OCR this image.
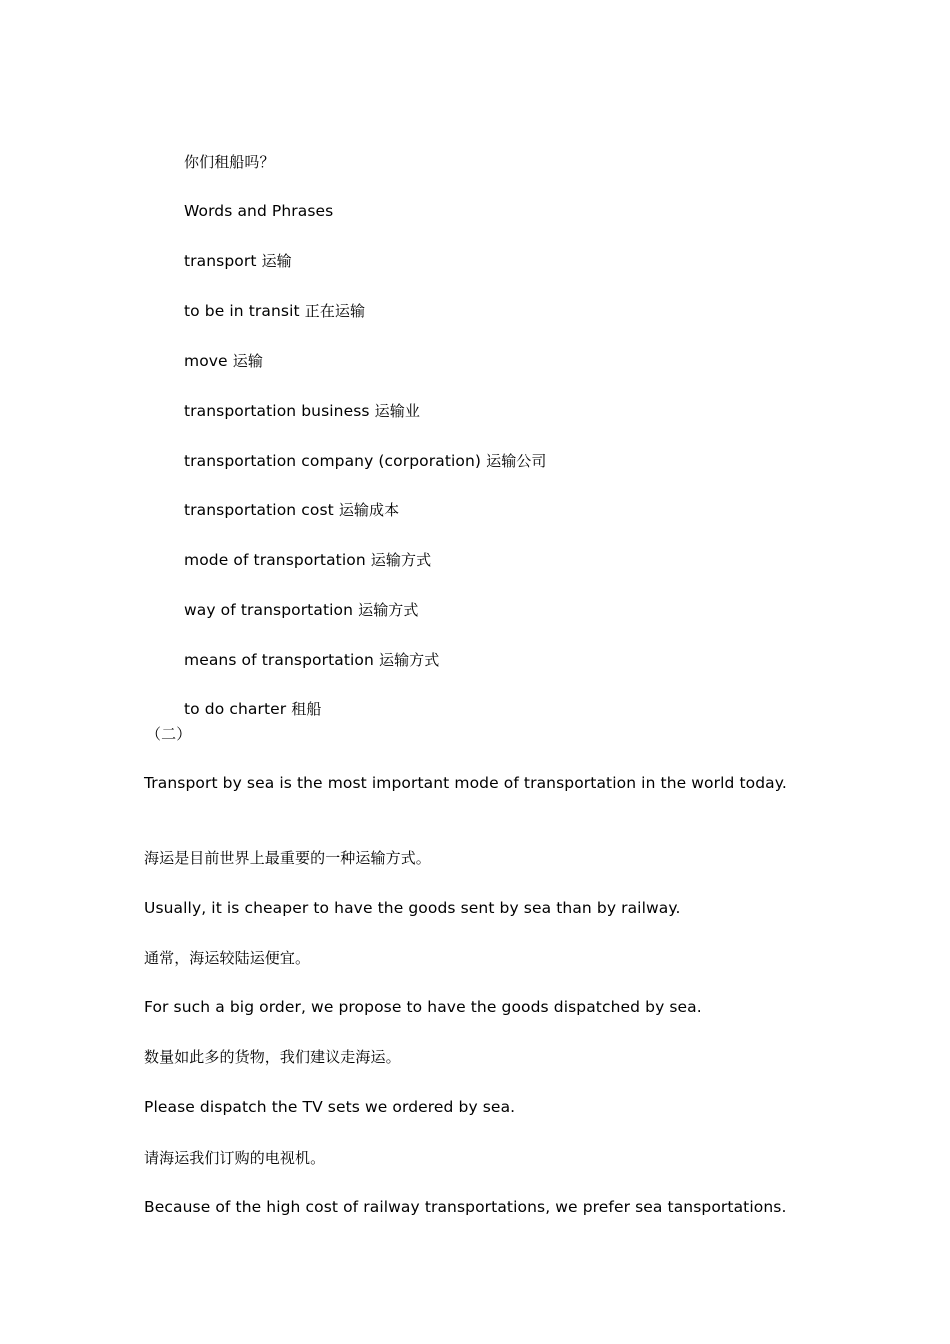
你们租船吗？
Words and Phrases
transport 运输
to be in transit 正在运输
move 运输
transportation business 运输业
transportation company (corporation) 运输公司
transportation cost 运输成本
mode of transportation 运输方式
way of transportation 运输方式
means of transportation 运输方式
to do charter 租船
（二）
Transport by sea is the most important mode of transportation in the world today.
海运是目前世界上最重要的一种运输方式。
Usually, it is cheaper to have the goods sent by sea than by railway.
通常，海运较陆运便宜。
For such a big order, we propose to have the goods dispatched by sea.
数量如此多的货物，我们建议走海运。
Please dispatch the TV sets we ordered by sea.
请海运我们订购的电视机。
Because of the high cost of railway transportations, we prefer sea tansportations.
